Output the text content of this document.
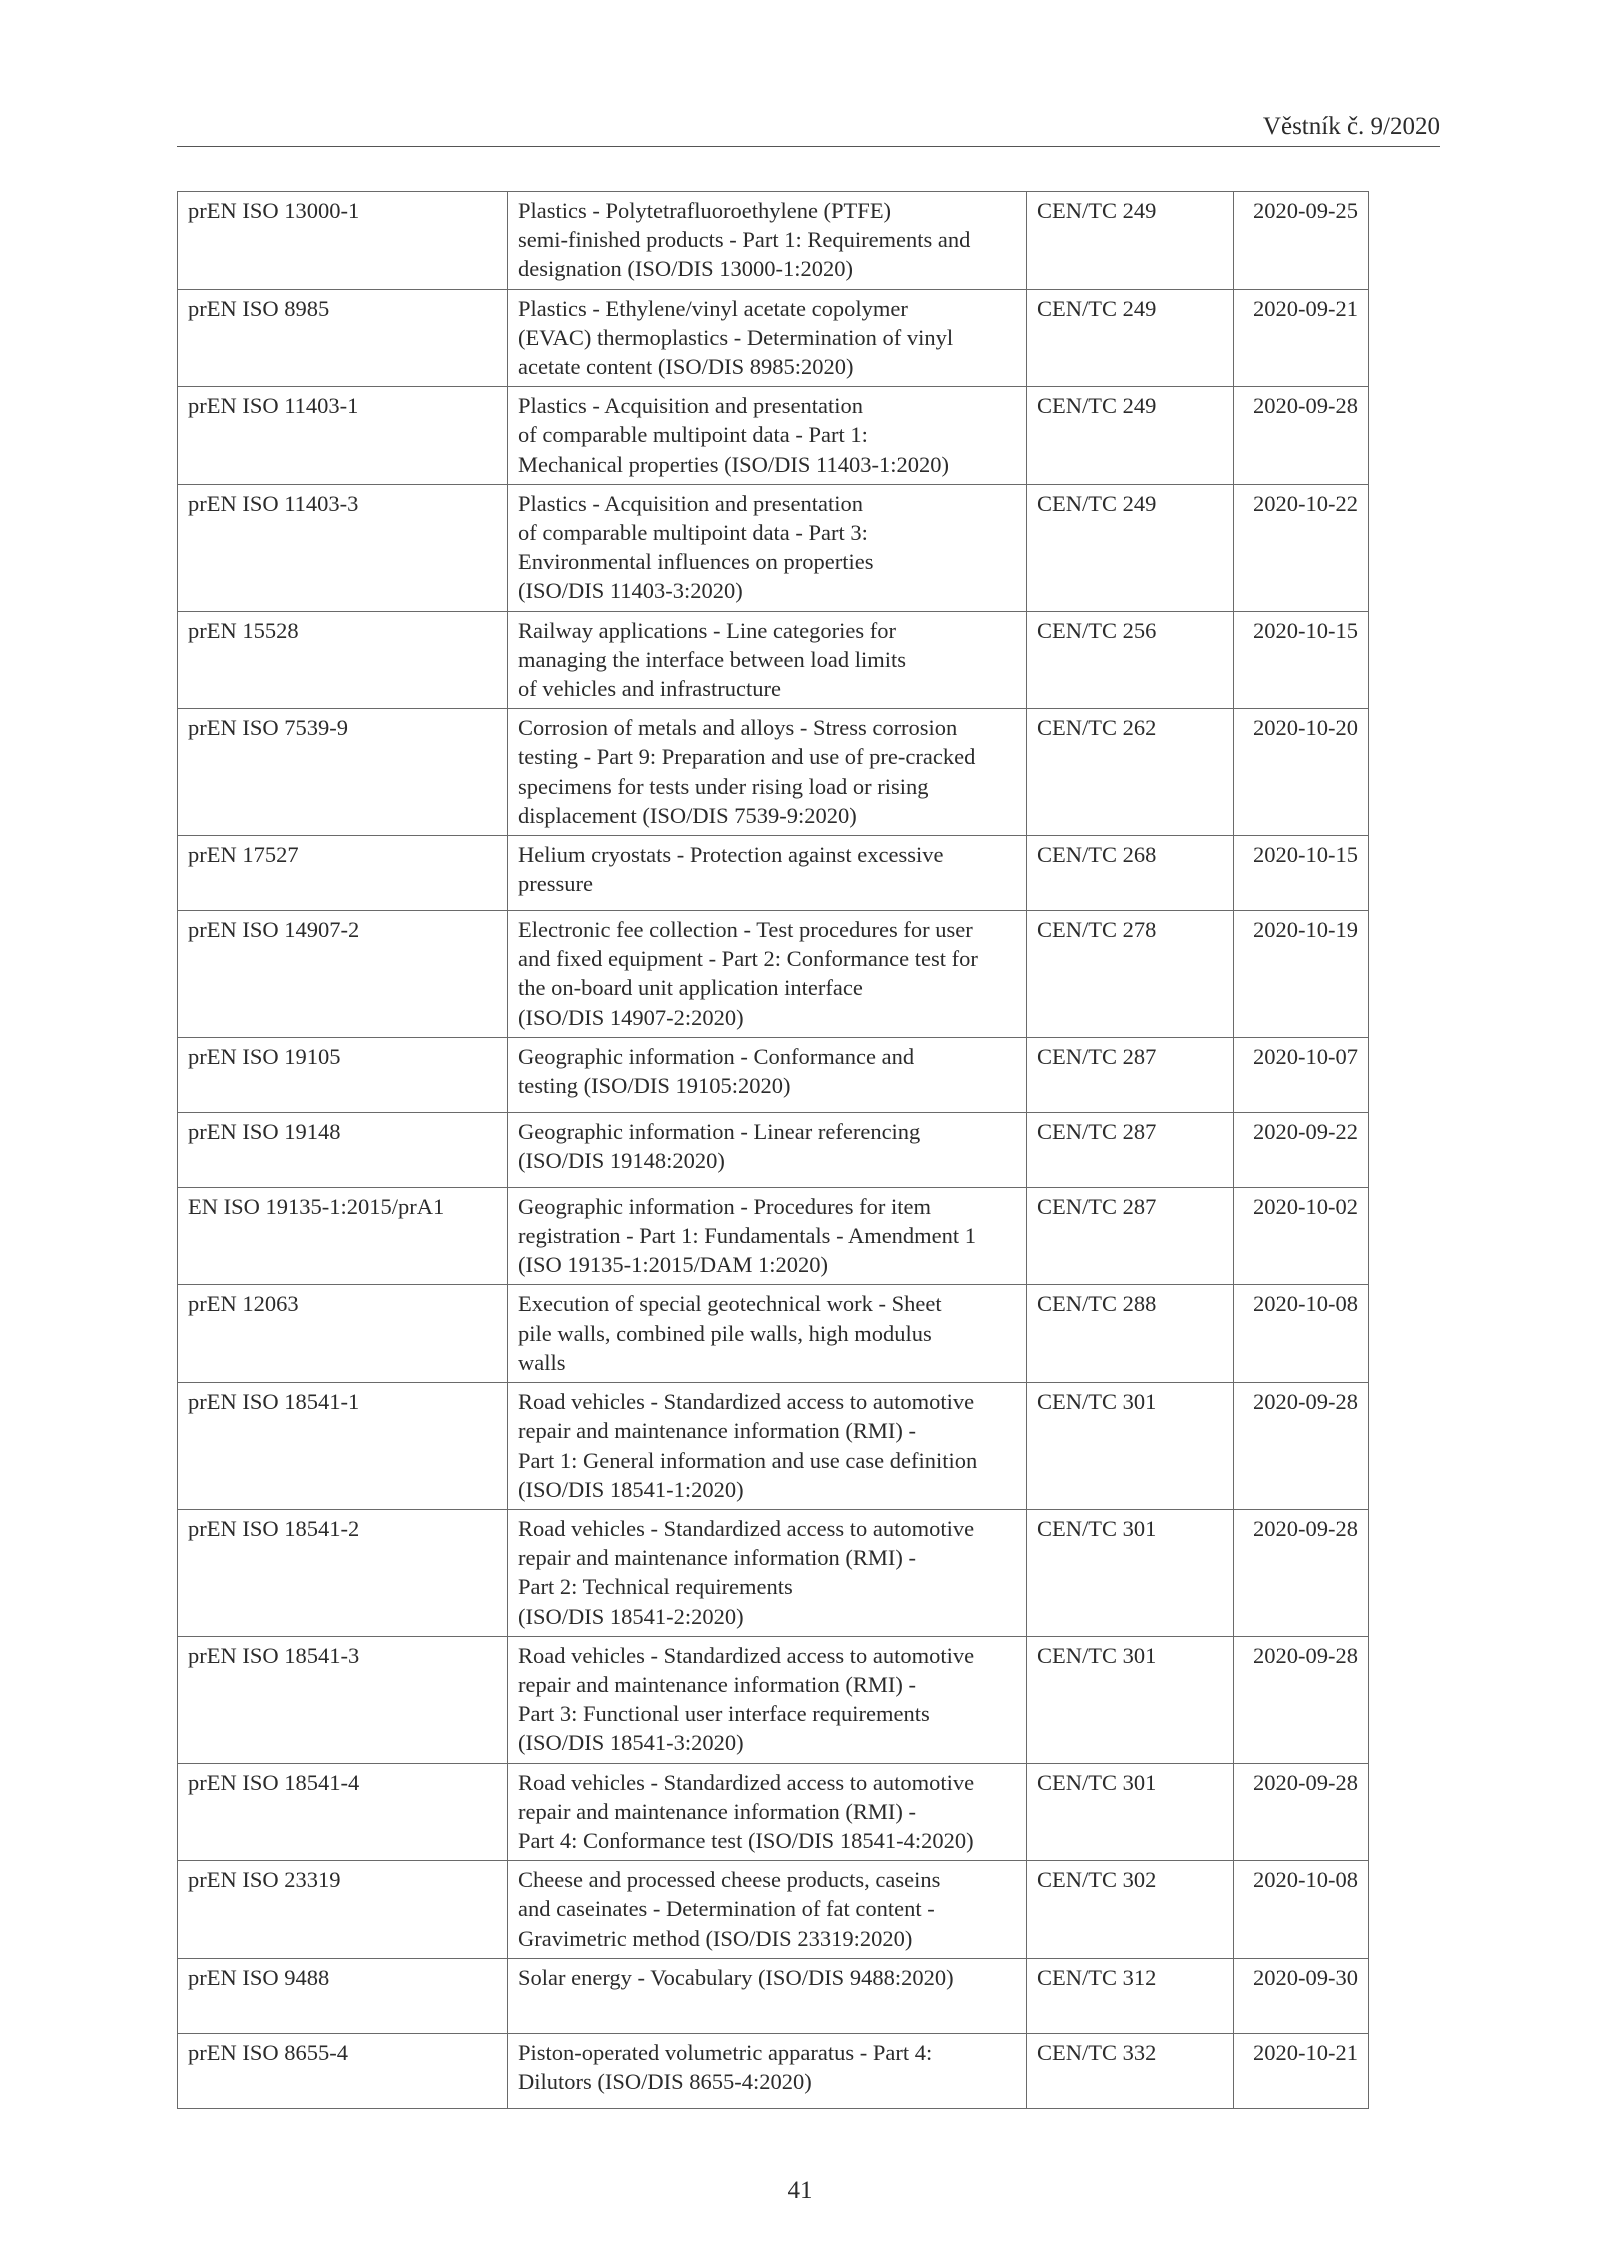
Věstník č. 9/2020
prEN ISO 13000-1	Plastics - Polytetrafluoroethylene (PTFE)
semi-finished products - Part 1: Requirements and
designation (ISO/DIS 13000-1:2020)	CEN/TC 249	2020-09-25
prEN ISO 8985	Plastics - Ethylene/vinyl acetate copolymer
(EVAC) thermoplastics - Determination of vinyl
acetate content (ISO/DIS 8985:2020)	CEN/TC 249	2020-09-21
prEN ISO 11403-1	Plastics - Acquisition and presentation
of comparable multipoint data - Part 1:
Mechanical properties (ISO/DIS 11403-1:2020)	CEN/TC 249	2020-09-28
prEN ISO 11403-3	Plastics - Acquisition and presentation
of comparable multipoint data - Part 3:
Environmental influences on properties
(ISO/DIS 11403-3:2020)	CEN/TC 249	2020-10-22
prEN 15528	Railway applications - Line categories for
managing the interface between load limits
of vehicles and infrastructure	CEN/TC 256	2020-10-15
prEN ISO 7539-9	Corrosion of metals and alloys - Stress corrosion
testing - Part 9: Preparation and use of pre-cracked
specimens for tests under rising load or rising
displacement (ISO/DIS 7539-9:2020)	CEN/TC 262	2020-10-20
prEN 17527	Helium cryostats - Protection against excessive
pressure	CEN/TC 268	2020-10-15
prEN ISO 14907-2	Electronic fee collection - Test procedures for user
and fixed equipment - Part 2: Conformance test for
the on-board unit application interface
(ISO/DIS 14907-2:2020)	CEN/TC 278	2020-10-19
prEN ISO 19105	Geographic information - Conformance and
testing (ISO/DIS 19105:2020)	CEN/TC 287	2020-10-07
prEN ISO 19148	Geographic information - Linear referencing
(ISO/DIS 19148:2020)	CEN/TC 287	2020-09-22
EN ISO 19135-1:2015/prA1	Geographic information - Procedures for item
registration - Part 1: Fundamentals - Amendment 1
(ISO 19135-1:2015/DAM 1:2020)	CEN/TC 287	2020-10-02
prEN 12063	Execution of special geotechnical work - Sheet
pile walls, combined pile walls, high modulus
walls	CEN/TC 288	2020-10-08
prEN ISO 18541-1	Road vehicles - Standardized access to automotive
repair and maintenance information (RMI) -
Part 1: General information and use case definition
(ISO/DIS 18541-1:2020)	CEN/TC 301	2020-09-28
prEN ISO 18541-2	Road vehicles - Standardized access to automotive
repair and maintenance information (RMI) -
Part 2: Technical requirements
(ISO/DIS 18541-2:2020)	CEN/TC 301	2020-09-28
prEN ISO 18541-3	Road vehicles - Standardized access to automotive
repair and maintenance information (RMI) -
Part 3: Functional user interface requirements
(ISO/DIS 18541-3:2020)	CEN/TC 301	2020-09-28
prEN ISO 18541-4	Road vehicles - Standardized access to automotive
repair and maintenance information (RMI) -
Part 4: Conformance test (ISO/DIS 18541-4:2020)	CEN/TC 301	2020-09-28
prEN ISO 23319	Cheese and processed cheese products, caseins
and caseinates - Determination of fat content -
Gravimetric method (ISO/DIS 23319:2020)	CEN/TC 302	2020-10-08
prEN ISO 9488	Solar energy - Vocabulary (ISO/DIS 9488:2020)	CEN/TC 312	2020-09-30
prEN ISO 8655-4	Piston-operated volumetric apparatus - Part 4:
Dilutors (ISO/DIS 8655-4:2020)	CEN/TC 332	2020-10-21
41
